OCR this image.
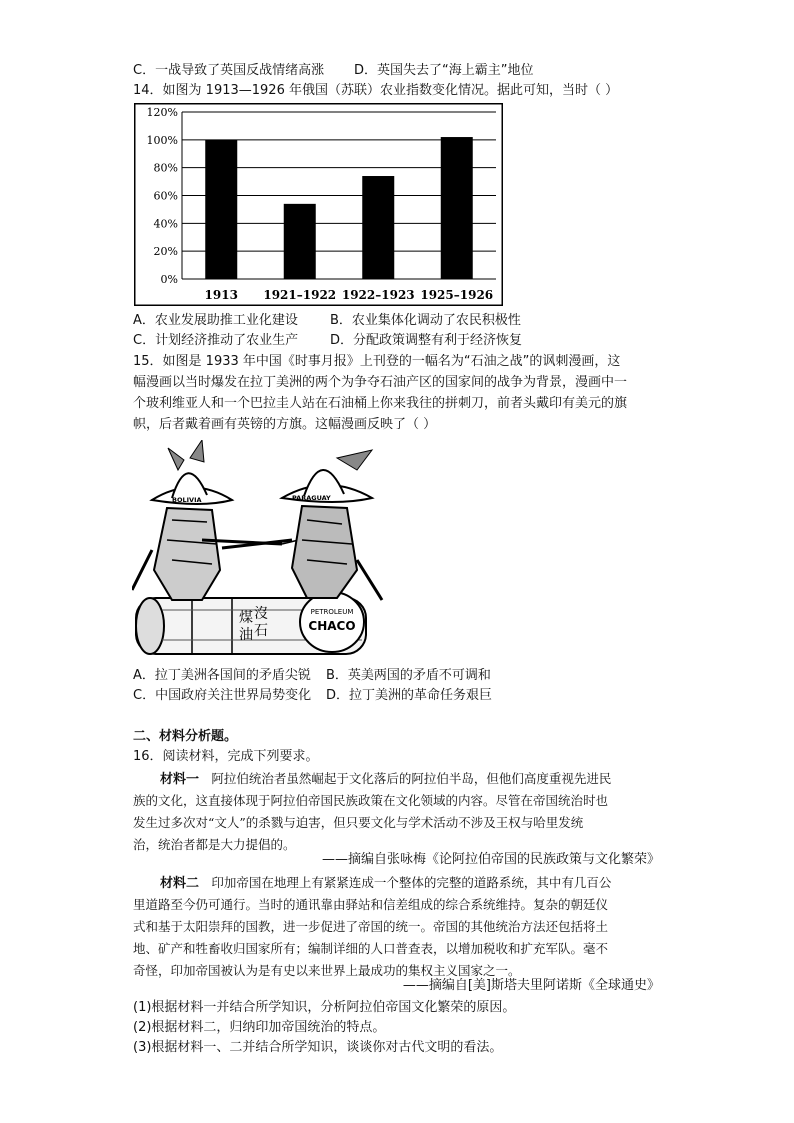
C．一战导致了英国反战情绪高涨 D．英国失去了“海上霸主”地位
14．如图为 1913—1926 年俄国（苏联）农业指数变化情况。据此可知，当时（ ）
0%
20%
40%
60%
80%
100%
120%
1913 1921–1922 1922–1923 1925–1926
A．农业发展助推工业化建设 B．农业集体化调动了农民积极性
C．计划经济推动了农业生产 D．分配政策调整有利于经济恢复
15．如图是 1933 年中国《时事月报》上刊登的一幅名为“石油之战”的讽刺漫画，这
幅漫画以当时爆发在拉丁美洲的两个为争夺石油产区的国家间的战争为背景，漫画中一
个玻利维亚人和一个巴拉圭人站在石油桶上你来我往的拼刺刀，前者头戴印有美元的旗
帜，后者戴着画有英镑的方旗。这幅漫画反映了（ ）
煤 沒
油 石
PETROLEUM
CHACO
BOLIVIA	PARAGUAY
A．拉丁美洲各国间的矛盾尖锐 B．英美两国的矛盾不可调和
C．中国政府关注世界局势变化 D．拉丁美洲的革命任务艰巨
二、材料分析题。
16．阅读材料，完成下列要求。
材料一 阿拉伯统治者虽然崛起于文化落后的阿拉伯半岛，但他们高度重视先进民
族的文化，这直接体现于阿拉伯帝国民族政策在文化领域的内容。尽管在帝国统治时也
发生过多次对“文人”的杀戮与迫害，但只要文化与学术活动不涉及王权与哈里发统
治，统治者都是大力提倡的。
——摘编自张咏梅《论阿拉伯帝国的民族政策与文化繁荣》
材料二 印加帝国在地理上有紧紧连成一个整体的完整的道路系统，其中有几百公
里道路至今仍可通行。当时的通讯靠由驿站和信差组成的综合系统维持。复杂的朝廷仪
式和基于太阳崇拜的国教，进一步促进了帝国的统一。帝国的其他统治方法还包括将土
地、矿产和牲畜收归国家所有；编制详细的人口普查表，以增加税收和扩充军队。毫不
奇怪，印加帝国被认为是有史以来世界上最成功的集权主义国家之一。
——摘编自[美]斯塔夫里阿诺斯《全球通史》
(1)根据材料一并结合所学知识，分析阿拉伯帝国文化繁荣的原因。
(2)根据材料二，归纳印加帝国统治的特点。
(3)根据材料一、二并结合所学知识，谈谈你对古代文明的看法。
